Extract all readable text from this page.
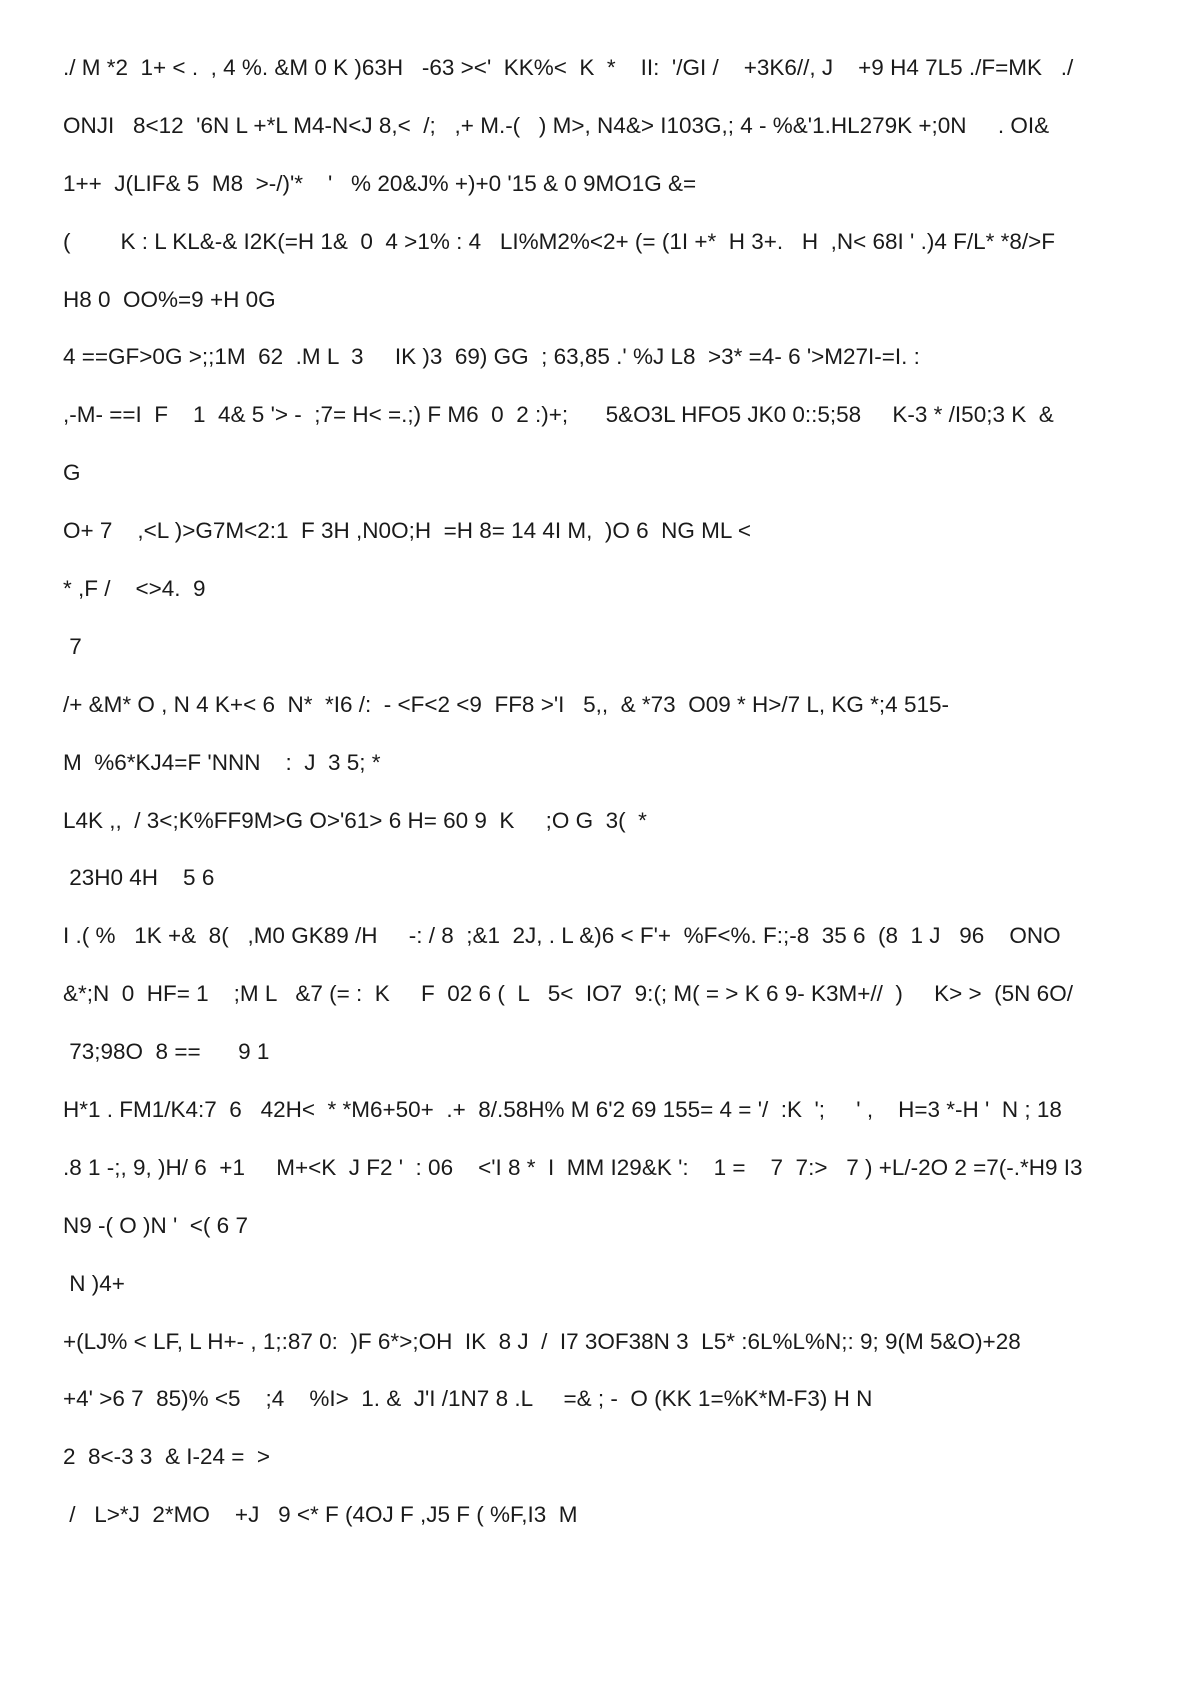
./ M *2  1+ < .  , 4 %. &M 0 K )63H   -63 ><'  KK%<  K  *    II:  '/GI /    +3K6//, J    +9 H4 7L5 ./F=MK   ./
ONJI   8<12  '6N L +*L M4-N<J 8,<  /;   ,+ M.-(   ) M>, N4&> I103G,; 4 - %&'1.HL279K +;0N     . OI&
1++  J(LIF& 5  M8  >-/)'*    '   % 20&J% +)+0 '15 & 0 9MO1G &=
(        K : L KL&-& I2K(=H 1&  0  4 >1% : 4   LI%M2%<2+ (= (1I +*  H 3+.   H  ,N< 68I ' .)4 F/L* *8/>F
H8 0  OO%=9 +H 0G
4 ==GF>0G >;;1M  62  .M L  3     IK )3  69) GG  ; 63,85 .' %J L8  >3* =4- 6 '>M27I-=I. :
,-M- ==I  F    1  4& 5 '> -  ;7= H< =.;) F M6  0  2 :)+;      5&O3L HFO5 JK0 0::5;58     K-3 * /I50;3 K  &
G
O+ 7    ,<L )>G7M<2:1  F 3H ,N0O;H  =H 8= 14 4I M,  )O 6  NG ML <
* ,F /    <>4.  9
7
/+ &M* O , N 4 K+< 6  N*  *I6 /:  - <F<2 <9  FF8 >'I   5,,  & *73  O09 * H>/7 L, KG *;4 515-
M  %6*KJ4=F 'NNN    :  J  3 5; *
L4K ,,  / 3<;K%FF9M>G O>'61> 6 H= 60 9  K     ;O G  3(  *
23H0 4H    5 6
I .( %   1K +&  8(   ,M0 GK89 /H     -: / 8  ;&1  2J, . L &)6 < F'+  %F<%. F:;-8  35 6  (8  1 J   96    ONO
&*;N  0  HF= 1    ;M L   &7 (= :  K     F  02 6 (  L   5<  IO7  9:(; M( = > K 6 9- K3M+//  )     K> >  (5N 6O/
73;98O  8 ==      9 1
H*1 . FM1/K4:7  6   42H<  * *M6+50+  .+  8/.58H% M 6'2 69 155= 4 = '/  :K  ';     ' ,    H=3 *-H '  N ; 18
.8 1 -;, 9, )H/ 6  +1     M+<K  J F2 '  : 06    <'I 8 *  I  MM I29&K ':    1 =    7  7:>   7 ) +L/-2O 2 =7(-.*H9 I3
N9 -( O )N '  <( 6 7
N )4+
+(LJ% < LF, L H+- , 1;:87 0:  )F 6*>;OH  IK  8 J  /  I7 3OF38N 3  L5* :6L%L%N;: 9; 9(M 5&O)+28
+4' >6 7  85)% <5    ;4    %I>  1. &  J'I /1N7 8 .L     =& ; -  O (KK 1=%K*M-F3) H N
2  8<-3 3  & I-24 =  >
/   L>*J  2*MO    +J   9 <* F (4OJ F ,J5 F ( %F,I3  M
